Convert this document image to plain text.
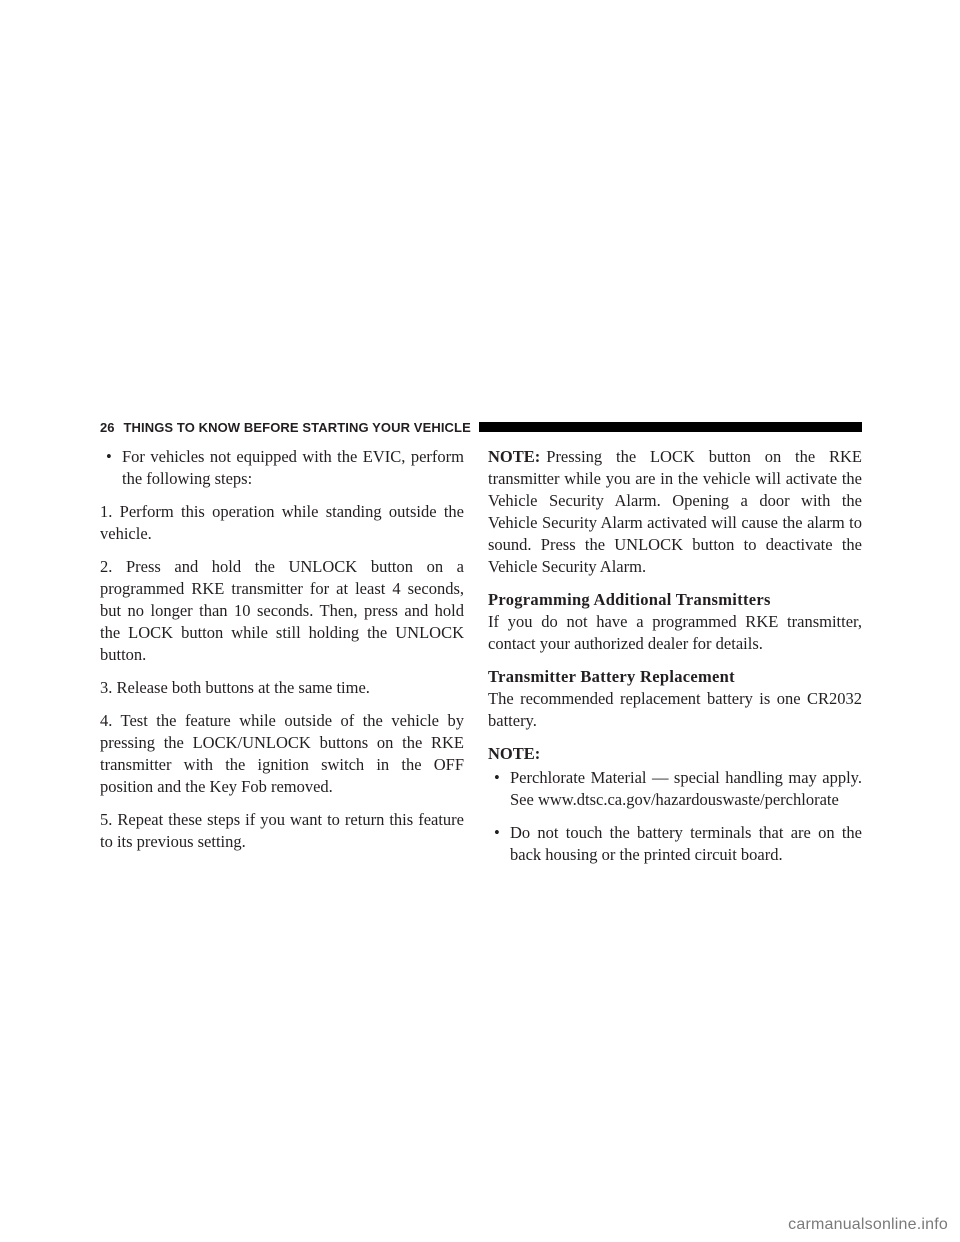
26 THINGS TO KNOW BEFORE STARTING YOUR VEHICLE
• For vehicles not equipped with the EVIC, perform the following steps:

1. Perform this operation while standing outside the vehicle.

2. Press and hold the UNLOCK button on a programmed RKE transmitter for at least 4 seconds, but no longer than 10 seconds. Then, press and hold the LOCK button while still holding the UNLOCK button.

3. Release both buttons at the same time.

4. Test the feature while outside of the vehicle by pressing the LOCK/UNLOCK buttons on the RKE transmitter with the ignition switch in the OFF position and the Key Fob removed.

5. Repeat these steps if you want to return this feature to its previous setting.

NOTE: Pressing the LOCK button on the RKE transmitter while you are in the vehicle will activate the Vehicle Security Alarm. Opening a door with the Vehicle Security Alarm activated will cause the alarm to sound. Press the UNLOCK button to deactivate the Vehicle Security Alarm.

Programming Additional Transmitters
If you do not have a programmed RKE transmitter, contact your authorized dealer for details.
Transmitter Battery Replacement
The recommended replacement battery is one CR2032 battery.
NOTE:
• Perchlorate Material — special handling may apply. See www.dtsc.ca.gov/hazardouswaste/perchlorate
• Do not touch the battery terminals that are on the back housing or the printed circuit board.
carmanualsonline.info
